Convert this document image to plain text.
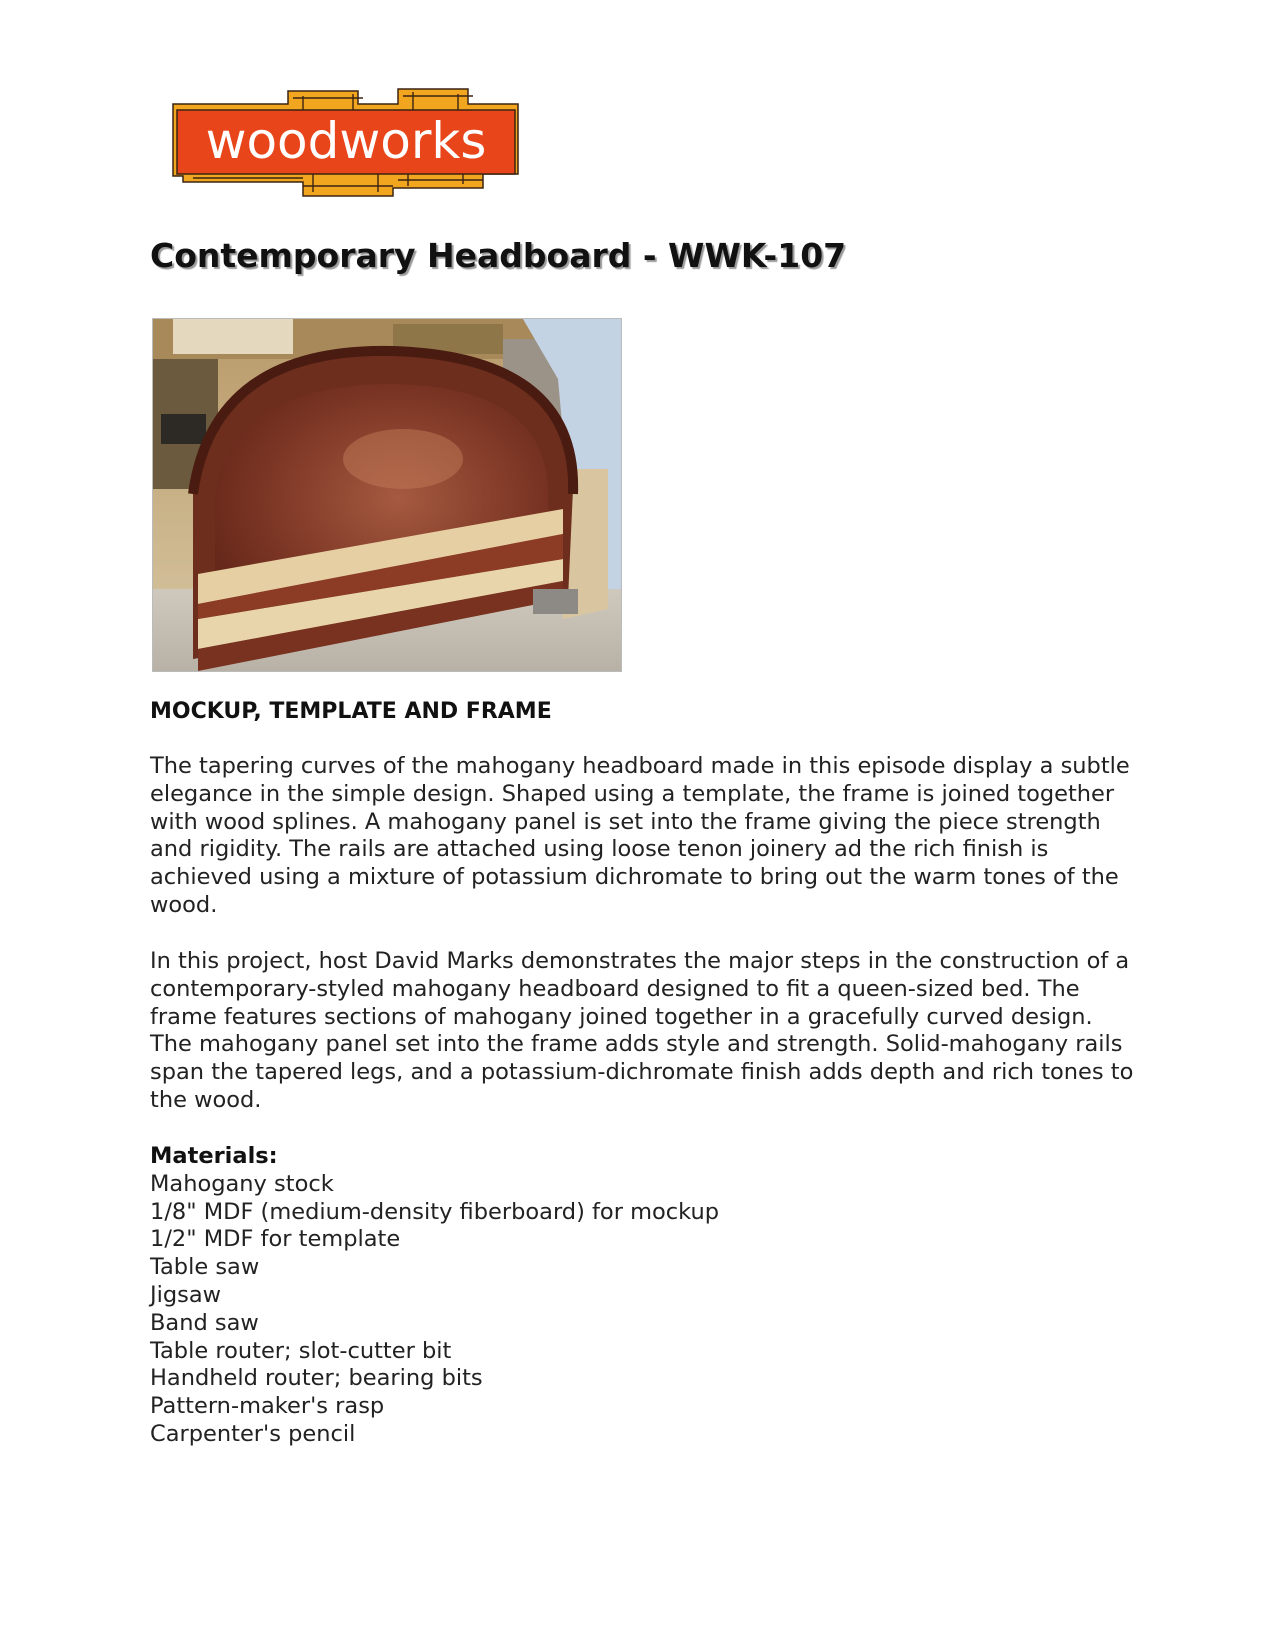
woodworks
Contemporary Headboard - WWK-107
MOCKUP, TEMPLATE AND FRAME

The tapering curves of the mahogany headboard made in this episode display a subtle elegance in the simple design. Shaped using a template, the frame is joined together with wood splines. A mahogany panel is set into the frame giving the piece strength and rigidity. The rails are attached using loose tenon joinery ad the rich finish is achieved using a mixture of potassium dichromate to bring out the warm tones of the wood.

In this project, host David Marks demonstrates the major steps in the construction of a contemporary-styled mahogany headboard designed to fit a queen-sized bed. The frame features sections of mahogany joined together in a gracefully curved design. The mahogany panel set into the frame adds style and strength. Solid-mahogany rails span the tapered legs, and a potassium-dichromate finish adds depth and rich tones to the wood.

Materials:
Mahogany stock
1/8" MDF (medium-density fiberboard) for mockup
1/2" MDF for template
Table saw
Jigsaw
Band saw
Table router; slot-cutter bit
Handheld router; bearing bits
Pattern-maker's rasp
Carpenter's pencil
